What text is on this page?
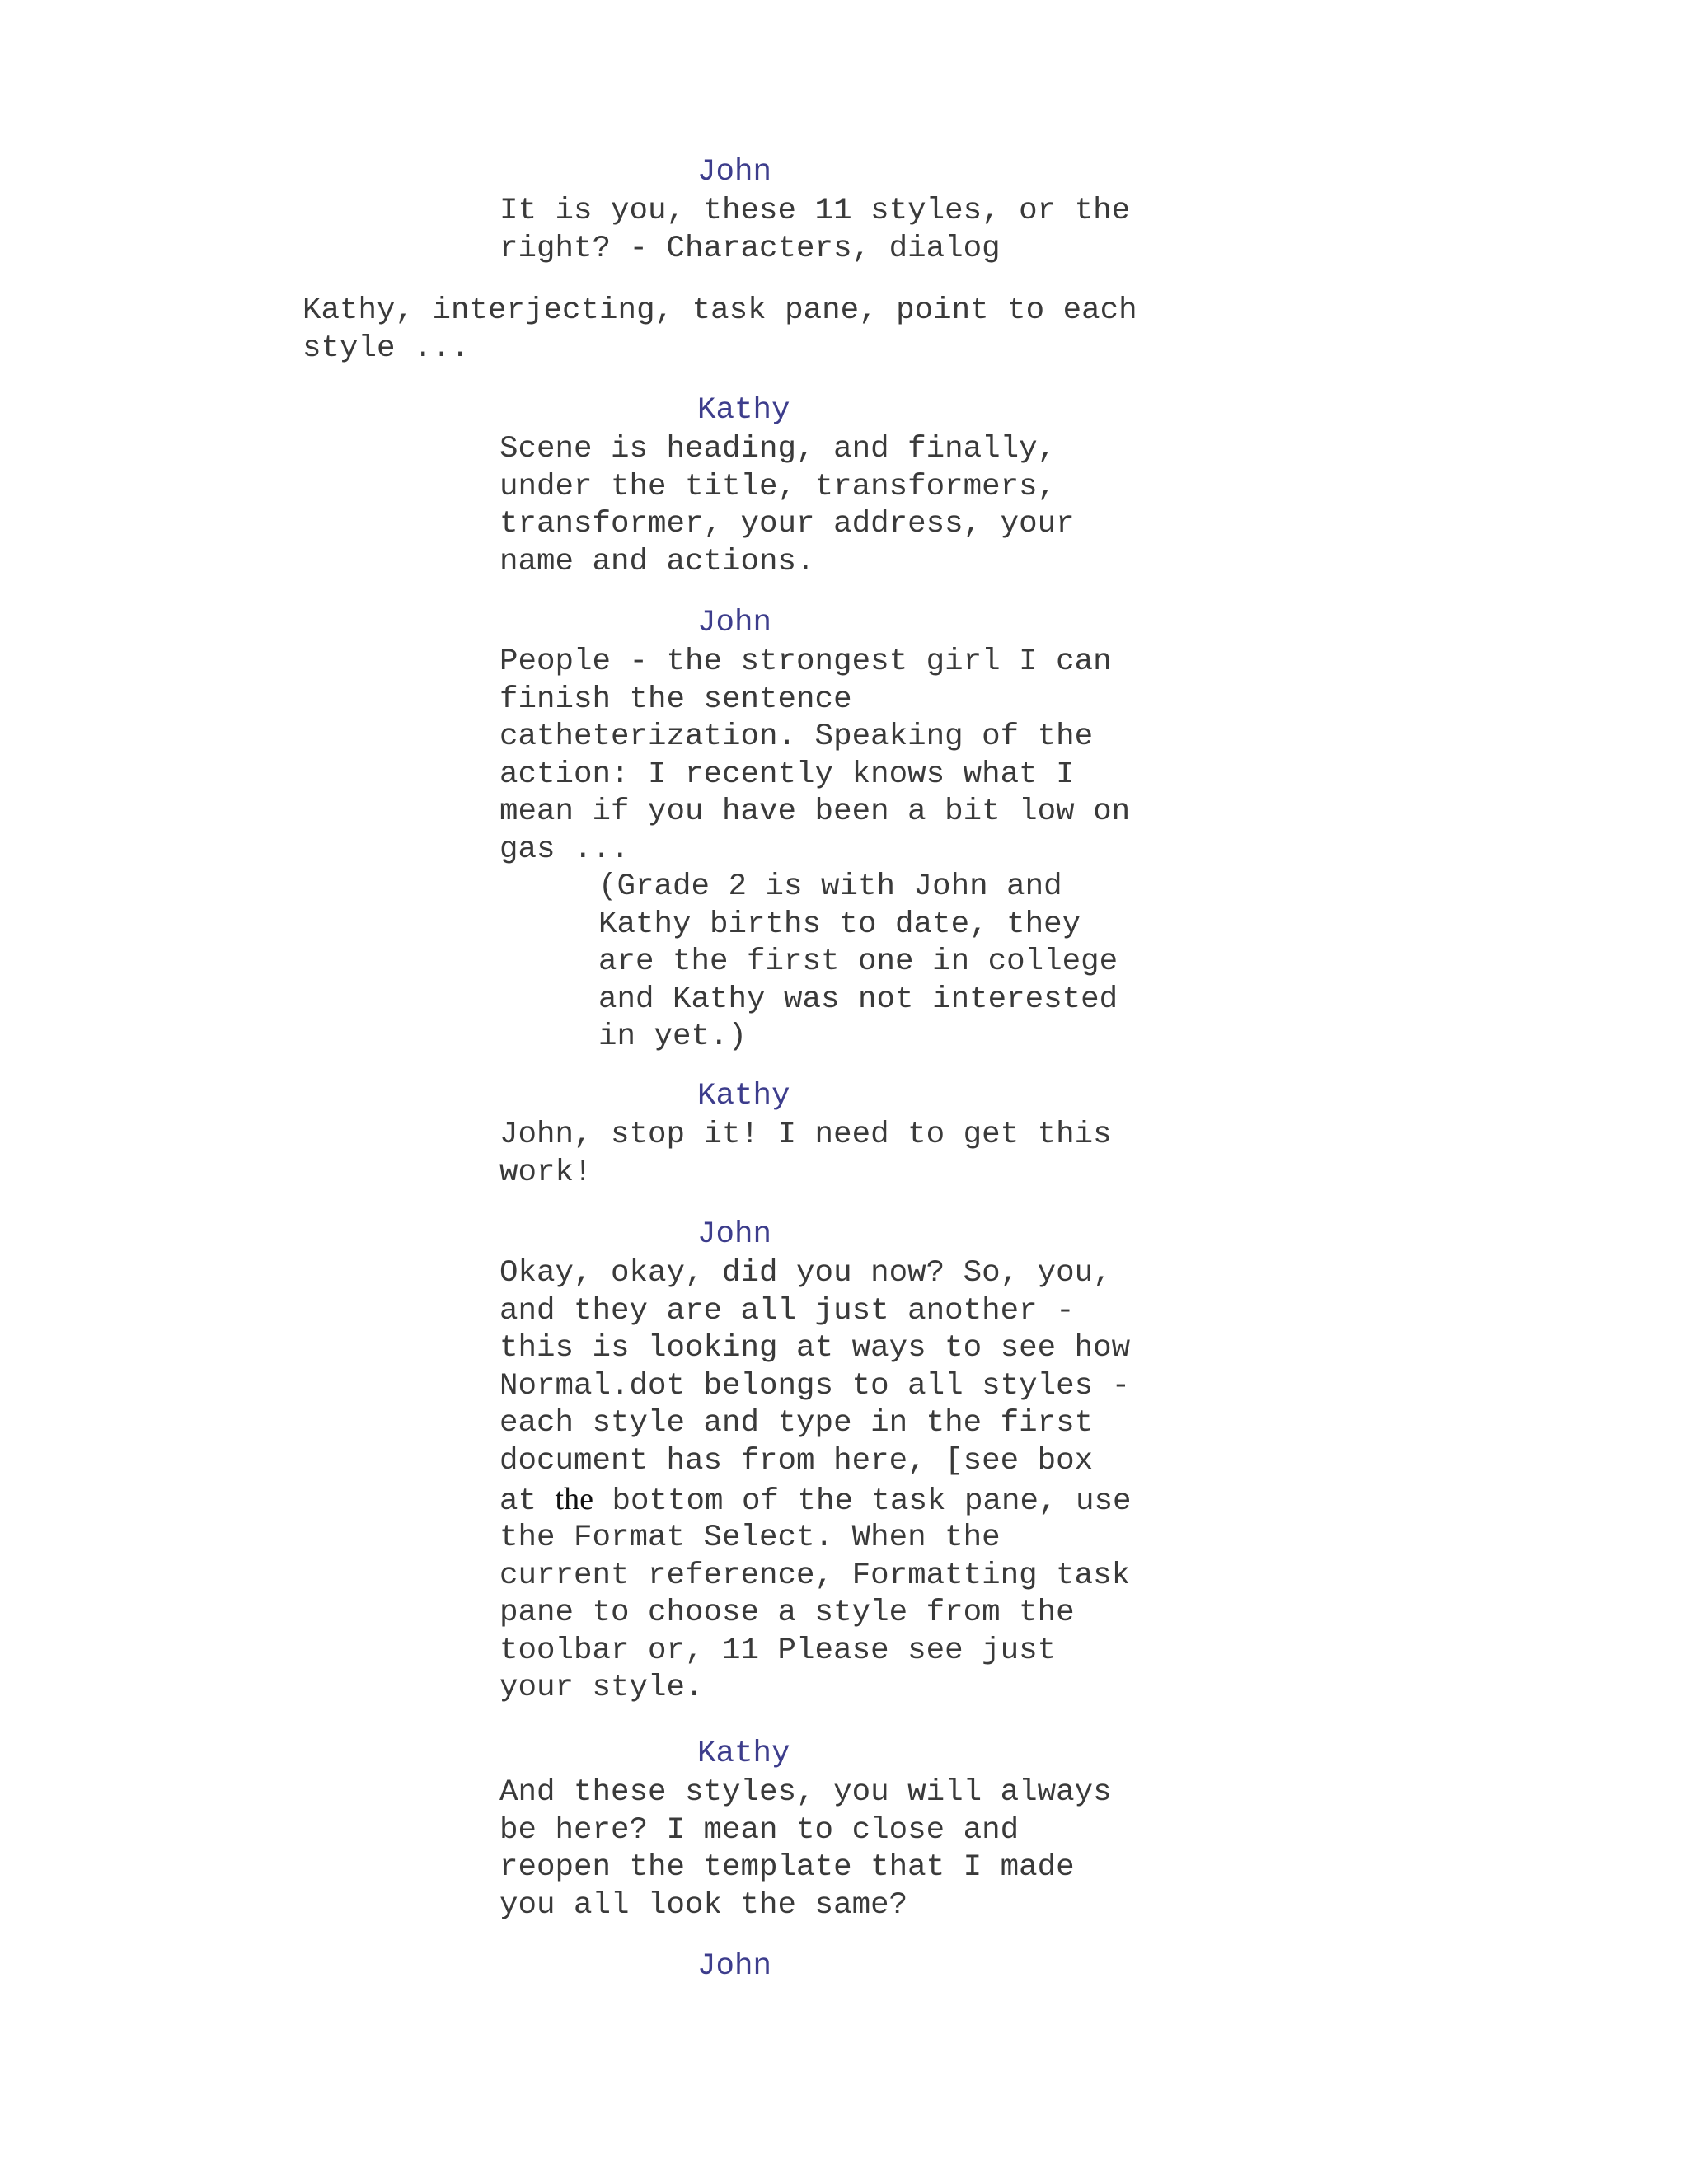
John
It is you, these 11 styles, or the
right? - Characters, dialog
Kathy, interjecting, task pane, point to each
style ...
Kathy
Scene is heading, and finally,
under the title, transformers,
transformer, your address, your
name and actions.
John
People - the strongest girl I can
finish the sentence
catheterization. Speaking of the
action: I recently knows what I
mean if you have been a bit low on
gas ...
(Grade 2 is with John and
Kathy births to date, they
are the first one in college
and Kathy was not interested
in yet.)
Kathy
John, stop it! I need to get this
work!
John
Okay, okay, did you now? So, you,
and they are all just another -
this is looking at ways to see how
Normal.dot belongs to all styles -
each style and type in the first
document has from here, [see box
at the bottom of the task pane, use
the Format Select. When the
current reference, Formatting task
pane to choose a style from the
toolbar or, 11 Please see just
your style.
Kathy
And these styles, you will always
be here? I mean to close and
reopen the template that I made
you all look the same?
John
